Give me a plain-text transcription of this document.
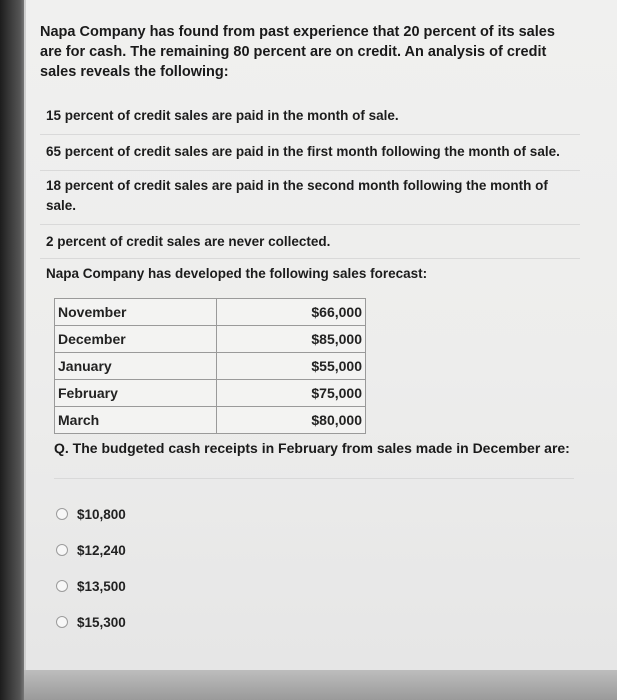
Napa Company has found from past experience that 20 percent of its sales are for cash. The remaining 80 percent are on credit. An analysis of credit sales reveals the following:
15 percent of credit sales are paid in the month of sale.
65 percent of credit sales are paid in the first month following the month of sale.
18 percent of credit sales are paid in the second month following the month of sale.
2 percent of credit sales are never collected.
Napa Company has developed the following sales forecast:
November	$66,000
December	$85,000
January	$55,000
February	$75,000
March	$80,000
Q. The budgeted cash receipts in February from sales made in December are:
$10,800
$12,240
$13,500
$15,300
